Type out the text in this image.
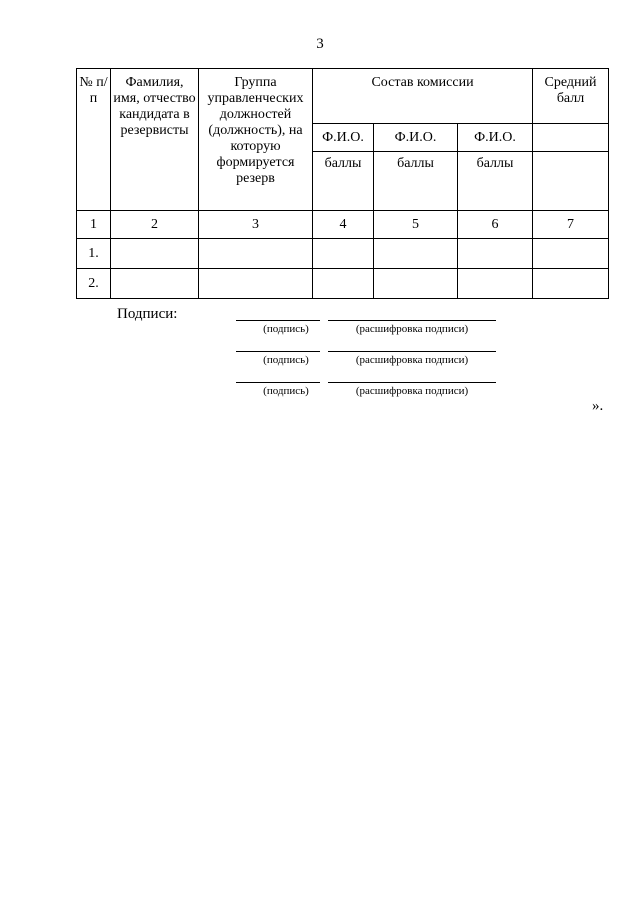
3
№ п/п	Фамилия, имя, отчество кандидата в резервисты	Группа управленческих должностей (должность), на которую формируется резерв	Состав комиссии			Средний балл
			Ф.И.О.	Ф.И.О.	Ф.И.О.	
			баллы	баллы	баллы	
1	2	3	4	5	6	7
1.						
2.						
Подписи:
(подпись)	(расшифровка подписи)
(подпись)	(расшифровка подписи)
(подпись)	(расшифровка подписи)
».
